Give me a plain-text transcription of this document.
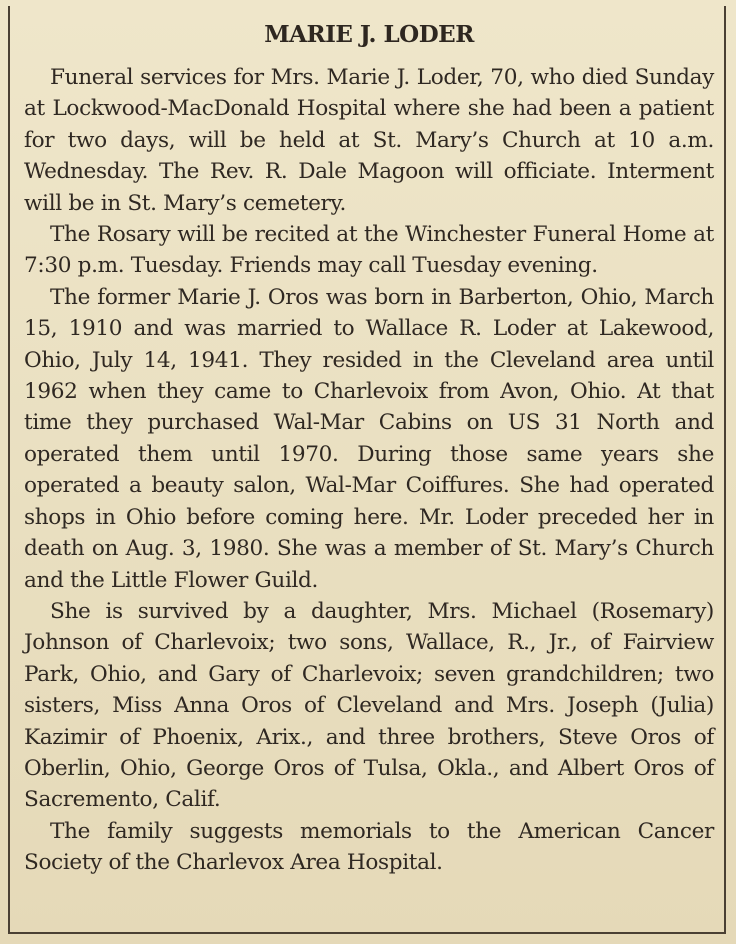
MARIE J. LODER

Funeral services for Mrs. Marie J. Loder, 70, who died Sunday at Lockwood-MacDonald Hospital where she had been a patient for two days, will be held at St. Mary’s Church at 10 a.m. Wednesday. The Rev. R. Dale Magoon will officiate. Interment will be in St. Mary’s cemetery.

The Rosary will be recited at the Winchester Funeral Home at 7:30 p.m. Tuesday. Friends may call Tuesday evening.

The former Marie J. Oros was born in Barberton, Ohio, March 15, 1910 and was married to Wallace R. Loder at Lakewood, Ohio, July 14, 1941. They resided in the Cleveland area until 1962 when they came to Charlevoix from Avon, Ohio. At that time they purchased Wal-Mar Cabins on US 31 North and operated them until 1970. During those same years she operated a beauty salon, Wal-Mar Coiffures. She had operated shops in Ohio before coming here. Mr. Loder preceded her in death on Aug. 3, 1980. She was a member of St. Mary’s Church and the Little Flower Guild.

She is survived by a daughter, Mrs. Michael (Rosemary) Johnson of Charlevoix; two sons, Wallace, R., Jr., of Fairview Park, Ohio, and Gary of Charlevoix; seven grandchildren; two sisters, Miss Anna Oros of Cleveland and Mrs. Joseph (Julia) Kazimir of Phoenix, Arix., and three brothers, Steve Oros of Oberlin, Ohio, George Oros of Tulsa, Okla., and Albert Oros of Sacremento, Calif.

The family suggests memorials to the American Cancer Society of the Charlevox Area Hospital.
